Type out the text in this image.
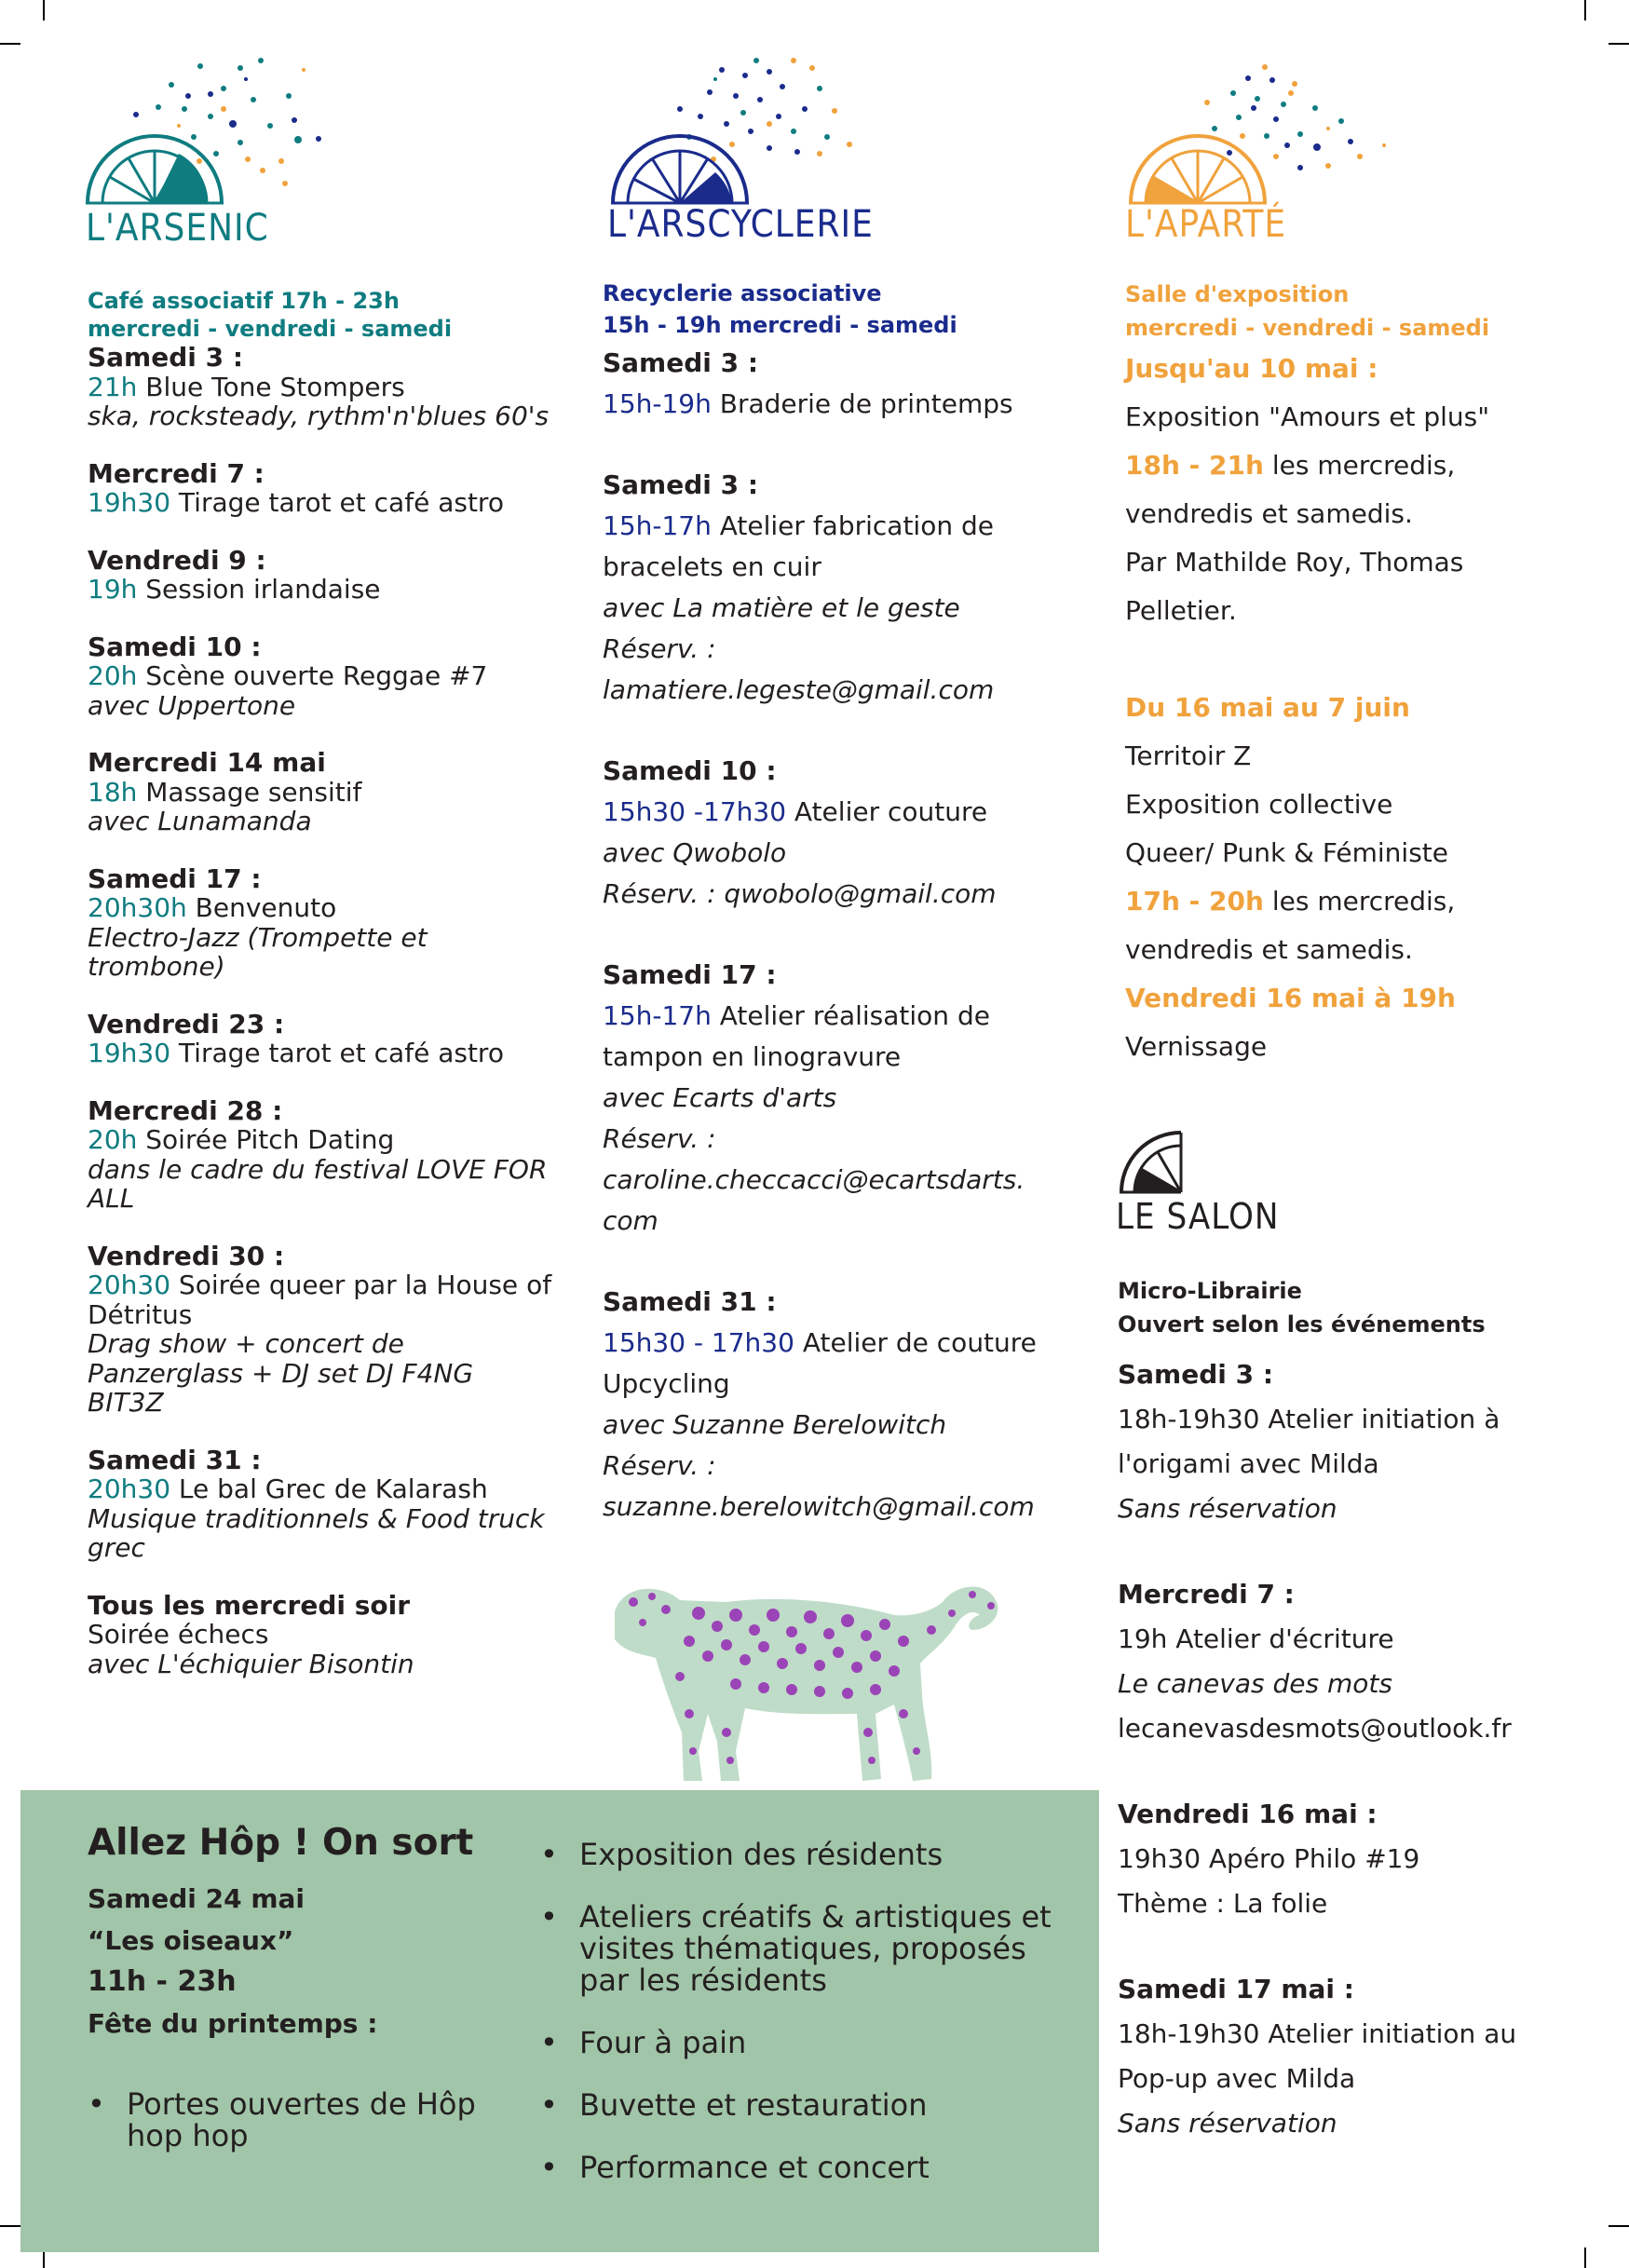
L'ARSENIC	L'ARSCYCLERIE	L'APARTÉ
Café associatif 17h - 23h
mercredi - vendredi - samedi
Samedi 3 :
21h Blue Tone Stompers
ska, rocksteady, rythm'n'blues 60's
Mercredi 7 :
19h30 Tirage tarot et café astro
Vendredi 9 :
19h Session irlandaise
Samedi 10 :
20h Scène ouverte Reggae #7
avec Uppertone
Mercredi 14 mai
18h Massage sensitif
avec Lunamanda
Samedi 17 :
20h30h Benvenuto
Electro-Jazz (Trompette et trombone)
Vendredi 23 :
19h30 Tirage tarot et café astro
Mercredi 28 :
20h Soirée Pitch Dating
dans le cadre du festival LOVE FOR ALL
Vendredi 30 :
20h30 Soirée queer par la House of Détritus
Drag show + concert de Panzerglass + DJ set DJ F4NG BIT3Z
Samedi 31 :
20h30 Le bal Grec de Kalarash
Musique traditionnels & Food truck grec
Tous les mercredi soir
Soirée échecs
avec L'échiquier Bisontin
Recyclerie associative
15h - 19h mercredi - samedi
Samedi 3 :
15h-19h Braderie de printemps
Samedi 3 :
15h-17h Atelier fabrication de bracelets en cuir
avec La matière et le geste
Réserv. :
lamatiere.legeste@gmail.com
Samedi 10 :
15h30 -17h30 Atelier couture
avec Qwobolo
Réserv. : qwobolo@gmail.com
Samedi 17 :
15h-17h Atelier réalisation de tampon en linogravure
avec Ecarts d'arts
Réserv. :
caroline.checcacci@ecartsdarts.
com
Samedi 31 :
15h30 - 17h30 Atelier de couture Upcycling
avec Suzanne Berelowitch
Réserv. :
suzanne.berelowitch@gmail.com
Salle d'exposition
mercredi - vendredi - samedi
Jusqu'au 10 mai :
Exposition "Amours et plus"
18h - 21h les mercredis,
vendredis et samedis.
Par Mathilde Roy, Thomas
Pelletier.
Du 16 mai au 7 juin
Territoir Z
Exposition collective
Queer/ Punk & Féministe
17h - 20h les mercredis,
vendredis et samedis.
Vendredi 16 mai à 19h
Vernissage
LE SALON
Micro-Librairie
Ouvert selon les événements
Samedi 3 :
18h-19h30 Atelier initiation à
l'origami avec Milda
Sans réservation
Mercredi 7 :
19h Atelier d'écriture
Le canevas des mots
lecanevasdesmots@outlook.fr
Vendredi 16 mai :
19h30 Apéro Philo #19
Thème : La folie
Samedi 17 mai :
18h-19h30 Atelier initiation au
Pop-up avec Milda
Sans réservation
Allez Hôp ! On sort
Samedi 24 mai
“Les oiseaux”
11h - 23h
Fête du printemps :
• Portes ouvertes de Hôp hop hop
• Exposition des résidents
• Ateliers créatifs & artistiques et visites thématiques, proposés par les résidents
• Four à pain
• Buvette et restauration
• Performance et concert
